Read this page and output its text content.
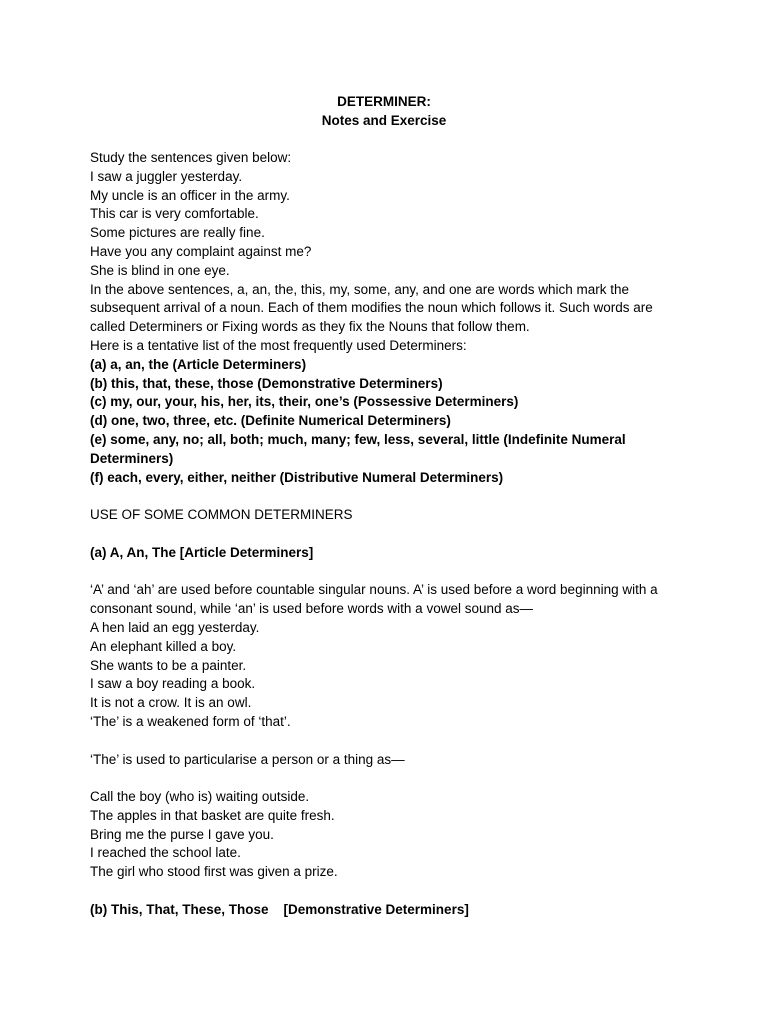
DETERMINER:
Notes and Exercise
Study the sentences given below:
I saw a juggler yesterday.
My uncle is an officer in the army.
This car is very comfortable.
Some pictures are really fine.
Have you any complaint against me?
She is blind in one eye.
In the above sentences, a, an, the, this, my, some, any, and one are words which mark the subsequent arrival of a noun. Each of them modifies the noun which follows it. Such words are called Determiners or Fixing words as they fix the Nouns that follow them.
Here is a tentative list of the most frequently used Determiners:
(a) a, an, the (Article Determiners)
(b) this, that, these, those (Demonstrative Determiners)
(c) my, our, your, his, her, its, their, one’s (Possessive Determiners)
(d) one, two, three, etc. (Definite Numerical Determiners)
(e) some, any, no; all, both; much, many; few, less, several, little (Indefinite Numeral Determiners)
(f) each, every, either, neither (Distributive Numeral Determiners)
USE OF SOME COMMON DETERMINERS
(a) A, An, The [Article Determiners]
‘A’ and ‘ah’ are used before countable singular nouns. A’ is used before a word beginning with a consonant sound, while ‘an’ is used before words with a vowel sound as—
A hen laid an egg yesterday.
An elephant killed a boy.
She wants to be a painter.
I saw a boy reading a book.
It is not a crow. It is an owl.
‘The’ is a weakened form of ‘that’.
‘The’ is used to particularise a person or a thing as—
Call the boy (who is) waiting outside.
The apples in that basket are quite fresh.
Bring me the purse I gave you.
I reached the school late.
The girl who stood first was given a prize.
(b) This, That, These, Those    [Demonstrative Determiners]
